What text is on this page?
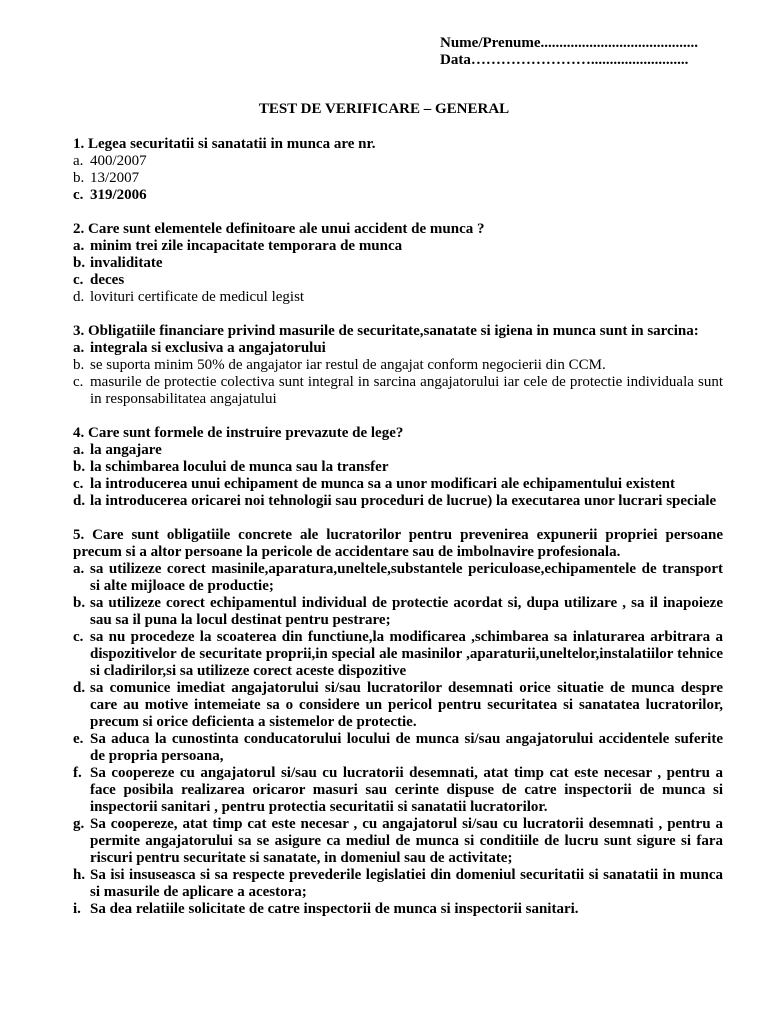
Nume/Prenume..........................................
Data……………………..........................
TEST DE VERIFICARE – GENERAL
1. Legea securitatii si sanatatii in munca are nr.
a. 400/2007
b. 13/2007
c. 319/2006
2. Care sunt elementele definitoare ale unui accident de munca ?
a. minim trei zile incapacitate temporara de munca
b. invaliditate
c. deces
d. lovituri certificate de medicul legist
3. Obligatiile financiare privind masurile de securitate,sanatate si igiena in munca sunt in sarcina:
a. integrala si exclusiva a angajatorului
b. se suporta minim 50% de angajator iar restul de angajat conform negocierii din CCM.
c. masurile de protectie colectiva sunt integral in sarcina angajatorului iar cele de protectie individuala sunt in responsabilitatea angajatului
4. Care sunt formele de instruire prevazute de lege?
a. la angajare
b. la schimbarea locului de munca sau la transfer
c. la introducerea unui echipament de munca sa a unor modificari ale echipamentului existent
d. la introducerea oricarei noi tehnologii sau proceduri de lucrue) la executarea unor lucrari speciale
5. Care sunt obligatiile concrete ale lucratorilor pentru prevenirea expunerii propriei persoane precum si a altor persoane la pericole de accidentare sau de imbolnavire profesionala.
a. sa utilizeze corect masinile,aparatura,uneltele,substantele periculoase,echipamentele de transport si alte mijloace de productie;
b. sa utilizeze corect echipamentul individual de protectie acordat si, dupa utilizare , sa il inapoieze sau sa il puna la locul destinat pentru pestrare;
c. sa nu procedeze la scoaterea din functiune,la modificarea ,schimbarea sa inlaturarea arbitrara a dispozitivelor de securitate proprii,in special ale masinilor ,aparaturii,uneltelor,instalatiilor tehnice si cladirilor,si sa utilizeze corect aceste dispozitive
d. sa comunice imediat angajatorului si/sau lucratorilor desemnati orice situatie de munca despre care au motive intemeiate sa o considere un pericol pentru securitatea si sanatatea lucratorilor, precum si orice deficienta a sistemelor de protectie.
e. Sa aduca la cunostinta conducatorului locului de munca si/sau angajatorului accidentele suferite de propria persoana,
f. Sa coopereze cu angajatorul si/sau cu lucratorii desemnati, atat timp cat este necesar , pentru a face posibila realizarea oricaror masuri sau cerinte dispuse de catre inspectorii de munca si inspectorii sanitari , pentru protectia securitatii si sanatatii lucratorilor.
g. Sa coopereze, atat timp cat este necesar , cu angajatorul si/sau cu lucratorii desemnati , pentru a permite angajatorului sa se asigure ca mediul de munca si conditiile de lucru sunt sigure si fara riscuri pentru securitate si sanatate, in domeniul sau de activitate;
h. Sa isi insuseasca si sa respecte prevederile legislatiei din domeniul securitatii si sanatatii in munca si masurile de aplicare a acestora;
i. Sa dea relatiile solicitate de catre inspectorii de munca si inspectorii sanitari.
